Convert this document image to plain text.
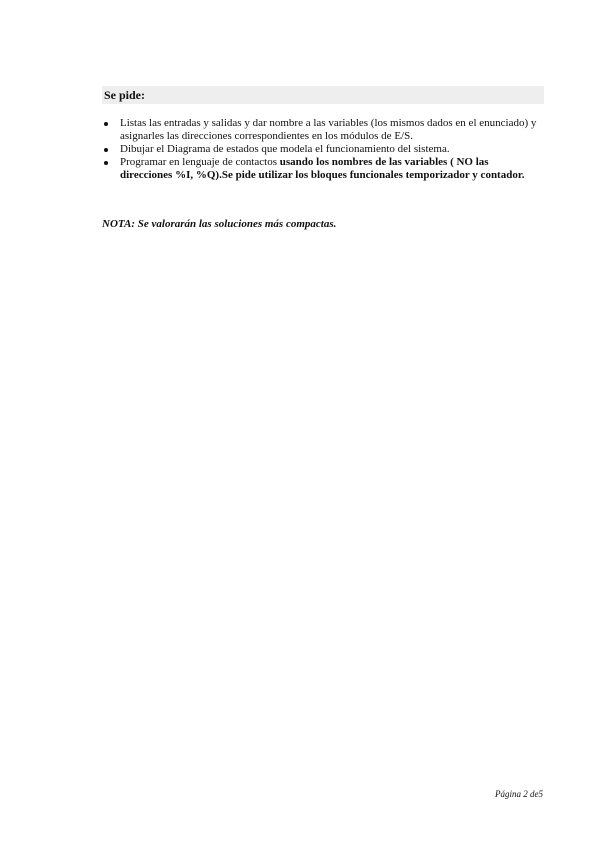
Se pide:
Listas las entradas y salidas y dar nombre a las variables (los mismos dados en el enunciado) y asignarles las direcciones correspondientes en los módulos de E/S.
Dibujar el Diagrama de estados que modela el funcionamiento del sistema.
Programar en lenguaje de contactos usando los nombres de las variables ( NO las direcciones %I, %Q).Se pide utilizar los bloques funcionales temporizador y contador.
NOTA: Se valorarán las soluciones más compactas.
Página 2 de5
